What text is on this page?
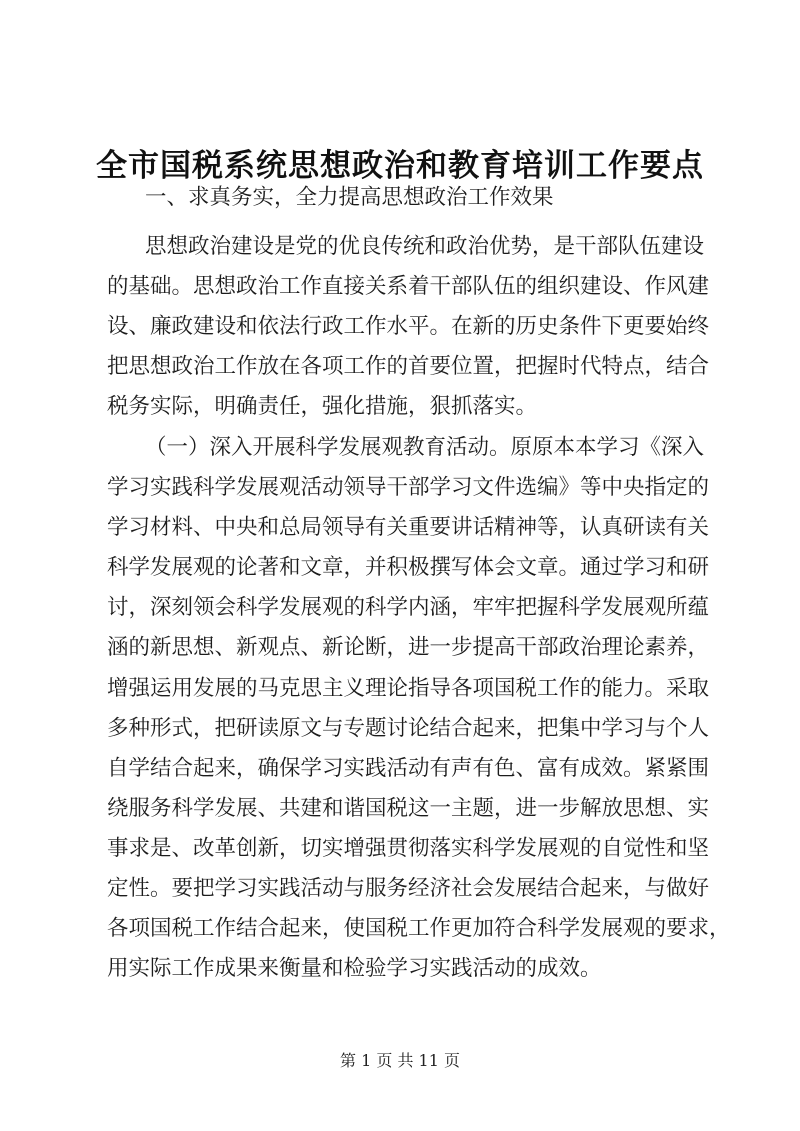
全市国税系统思想政治和教育培训工作要点
一、求真务实，全力提高思想政治工作效果
思想政治建设是党的优良传统和政治优势，是干部队伍建设
的基础。思想政治工作直接关系着干部队伍的组织建设、作风建
设、廉政建设和依法行政工作水平。在新的历史条件下更要始终
把思想政治工作放在各项工作的首要位置，把握时代特点，结合
税务实际，明确责任，强化措施，狠抓落实。
（一）深入开展科学发展观教育活动。原原本本学习《深入
学习实践科学发展观活动领导干部学习文件选编》等中央指定的
学习材料、中央和总局领导有关重要讲话精神等，认真研读有关
科学发展观的论著和文章，并积极撰写体会文章。通过学习和研
讨，深刻领会科学发展观的科学内涵，牢牢把握科学发展观所蕴
涵的新思想、新观点、新论断，进一步提高干部政治理论素养，
增强运用发展的马克思主义理论指导各项国税工作的能力。采取
多种形式，把研读原文与专题讨论结合起来，把集中学习与个人
自学结合起来，确保学习实践活动有声有色、富有成效。紧紧围
绕服务科学发展、共建和谐国税这一主题，进一步解放思想、实
事求是、改革创新，切实增强贯彻落实科学发展观的自觉性和坚
定性。要把学习实践活动与服务经济社会发展结合起来，与做好
各项国税工作结合起来，使国税工作更加符合科学发展观的要求，
用实际工作成果来衡量和检验学习实践活动的成效。
第 1 页 共 11 页
